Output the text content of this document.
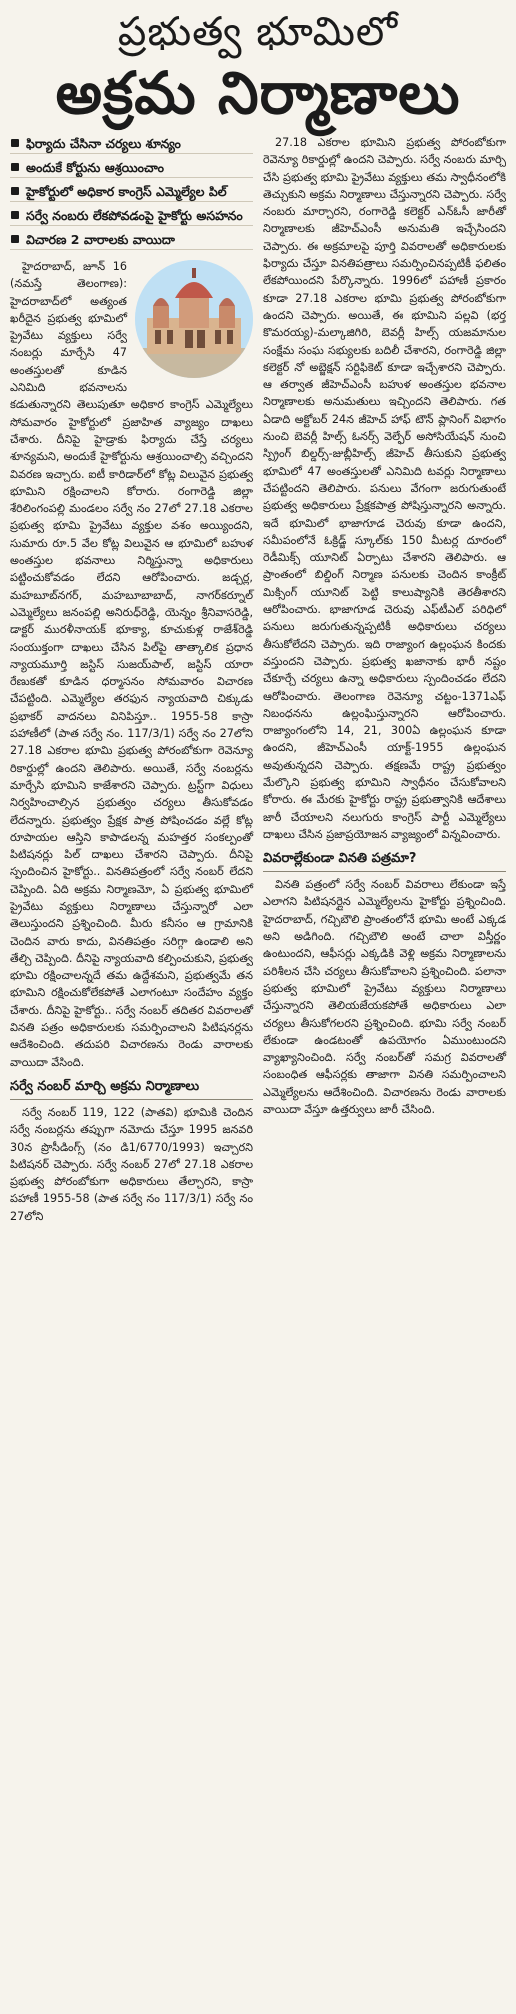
ప్రభుత్వ భూమిలో
అక్రమ నిర్మాణాలు
ఫిర్యాదు చేసినా చర్యలు శూన్యం
అందుకే కోర్టును ఆశ్రయించాం
హైకోర్టులో అధికార కాంగ్రెస్ ఎమ్మెల్యేల పిల్
సర్వే నంబరు లేకపోవడంపై హైకోర్టు అసహనం
విచారణ 2 వారాలకు వాయిదా

హైదరాబాద్, జూన్ 16 (నమస్తే తెలంగాణ): హైదరాబాద్‌లో అత్యంత ఖరీదైన ప్రభుత్వ భూమిలో ప్రైవేటు వ్యక్తులు సర్వే నంబర్లు మార్చేసి 47 అంతస్తులతో కూడిన ఎనిమిది భవనాలను కడుతున్నారని తెలుపుతూ అధికార కాంగ్రెస్ ఎమ్మెల్యేలు సోమవారం హైకోర్టులో ప్రజాహిత వ్యాజ్యం దాఖలు చేశారు. దీనిపై హైడ్రాకు ఫిర్యాదు చేస్తే చర్యలు శూన్యమని, అందుకే హైకోర్టును ఆశ్రయించాల్సి వచ్చిందని వివరణ ఇచ్చారు. ఐటీ కారిడార్‌లో కోట్ల విలువైన ప్రభుత్వ భూమిని రక్షించాలని కోరారు. రంగారెడ్డి జిల్లా శేరిలింగంపల్లి మండలం సర్వే నం 27లో 27.18 ఎకరాల ప్రభుత్వ భూమి ప్రైవేటు వ్యక్తుల వశం అయ్యిందని, సుమారు రూ.5 వేల కోట్ల విలువైన ఆ భూమిలో బహుళ అంతస్తుల భవనాలు నిర్మిస్తున్నా అధికారులు పట్టించుకోవడం లేదని ఆరోపించారు. జడ్చర్ల, మహబూబ్‌నగర్, మహబూబాబాద్, నాగర్‌కర్నూల్ ఎమ్మెల్యేలు జనంపల్లి అనిరుధ్‌రెడ్డి, యెన్నం శ్రీనివాసరెడ్డి, డాక్టర్ మురళీనాయక్ భూక్యా, కూచుకుళ్ల రాజేశ్‌రెడ్డి సంయుక్తంగా దాఖలు చేసిన పిల్‌పై తాత్కాలిక ప్రధాన న్యాయమూర్తి జస్టిస్ సుజయ్‌పాల్, జస్టిస్ యారా రేణుకతో కూడిన ధర్మాసనం సోమవారం విచారణ చేపట్టింది. ఎమ్మెల్యేల తరఫున న్యాయవాది చిక్కుడు ప్రభాకర్ వాదనలు వినిపిస్తూ.. 1955-58 కాస్రా పహాణీలో (పాత సర్వే నం. 117/3/1) సర్వే నం 27లోని 27.18 ఎకరాల భూమి ప్రభుత్వ పోరంబోకుగా రెవెన్యూ రికార్డుల్లో ఉందని తెలిపారు. అయితే, సర్వే నంబర్లను మార్చేసి భూమిని కాజేశారని చెప్పారు. ట్రస్ట్‌గా విధులు నిర్వహించాల్సిన ప్రభుత్వం చర్యలు తీసుకోవడం లేదన్నారు. ప్రభుత్వం ప్రేక్షక పాత్ర పోషించడం వల్లే కోట్ల రూపాయల ఆస్తిని కాపాడలన్న మహత్తర సంకల్పంతో పిటిషనర్లు పిల్ దాఖలు చేశారని చెప్పారు. దీనిపై స్పందించిన హైకోర్టు.. వినతిపత్రంలో సర్వే నంబర్ లేదని చెప్పింది. ఏది అక్రమ నిర్మాణమో, ఏ ప్రభుత్వ భూమిలో ప్రైవేటు వ్యక్తులు నిర్మాణాలు చేస్తున్నారో ఎలా తెలుస్తుందని ప్రశ్నించింది. మీరు కనీసం ఆ గ్రామానికి చెందిన వారు కాదు, వినతిపత్రం సరిగ్గా ఉండాలి అని తేల్చి చెప్పింది. దీనిపై న్యాయవాది కల్పించుకుని, ప్రభుత్వ భూమి రక్షించాలన్నదే తమ ఉద్దేశమని, ప్రభుత్వమే తన భూమిని రక్షించుకోలేకపోతే ఎలాగంటూ సందేహం వ్యక్తం చేశారు. దీనిపై హైకోర్టు.. సర్వే నంబర్ తదితర వివరాలతో వినతి పత్రం అధికారులకు సమర్పించాలని పిటిషనర్లను ఆదేశించింది. తదుపరి విచారణను రెండు వారాలకు వాయిదా వేసింది.

సర్వే నంబర్ మార్చి అక్రమ నిర్మాణాలు

సర్వే నంబర్ 119, 122 (పాతవి) భూమికి చెందిన సర్వే నంబర్లను తప్పుగా నమోదు చేస్తూ 1995 జనవరి 30న ప్రొసీడింగ్స్ (నం డి1/6770/1993) ఇచ్చారని పిటిషనర్ చెప్పారు. సర్వే నంబర్ 27లో 27.18 ఎకరాల ప్రభుత్వ పోరంబోకుగా అధికారులు తేల్చారని, కాస్రా పహాణీ 1955-58 (పాత సర్వే నం 117/3/1) సర్వే నం 27లోని

27.18 ఎకరాల భూమిని ప్రభుత్వ పోరంబోకుగా రెవెన్యూ రికార్డుల్లో ఉందని చెప్పారు. సర్వే నంబరు మార్చి చేసి ప్రభుత్వ భూమి ప్రైవేటు వ్యక్తులు తమ స్వాధీనంలోకి తెచ్చుకుని అక్రమ నిర్మాణాలు చేస్తున్నారని చెప్పారు. సర్వే నంబరు మార్చారని, రంగారెడ్డి కలెక్టర్ ఎన్‌ఓసీ జారీతో నిర్మాణాలకు జీహెచ్‌ఎంసీ అనుమతి ఇచ్చేసిందని చెప్పారు. ఈ అక్రమాలపై పూర్తి వివరాలతో అధికారులకు ఫిర్యాదు చేస్తూ వినతిపత్రాలు సమర్పించినప్పటికీ ఫలితం లేకపోయిందని పేర్కొన్నారు. 1996లో పహాణీ ప్రకారం కూడా 27.18 ఎకరాల భూమి ప్రభుత్వ పోరంబోకుగా ఉందని చెప్పారు. అయితే, ఈ భూమిని పల్లవి (భర్త కొమరయ్య)-మల్కాజిగిరి, బెవర్లీ హిల్స్ యజమానుల సంక్షేమ సంఘ సభ్యులకు బదిలీ చేశారని, రంగారెడ్డి జిల్లా కలెక్టర్ నో అబ్జెక్షన్ సర్టిఫికెట్ కూడా ఇచ్చేశారని చెప్పారు. ఆ తర్వాత జీహెచ్‌ఎంసీ బహుళ అంతస్తుల భవనాల నిర్మాణాలకు అనుమతులు ఇచ్చిందని తెలిపారు. గత ఏడాది అక్టోబర్ 24న జీహెచ్ హాఫ్ టౌన్‌ ప్లానింగ్‌ విభాగం నుంచి బెవర్లీ హిల్స్ ఓనర్స్ వెల్ఫేర్ అసోసియేషన్ నుంచి స్ప్రింగ్ బిల్డర్స్-జుబ్లీహిల్స్ జీహెచ్ తీసుకుని ప్రభుత్వ భూమిలో 47 అంతస్తులతో ఎనిమిది టవర్లు నిర్మాణాలు చేపట్టిందని తెలిపారు. పనులు వేగంగా జరుగుతుంటే ప్రభుత్వ అధికారులు ప్రేక్షకపాత్ర పోషిస్తున్నారని అన్నారు. ఇదే భూమిలో భాజాగూడ చెరువు కూడా ఉందని, సమీపంలోనే ఓక్రిడ్జ్ స్కూల్‌కు 150 మీటర్ల దూరంలో రెడీమిక్స్ యూనిట్ ఏర్పాటు చేశారని తెలిపారు. ఆ ప్రాంతంలో బిల్డింగ్ నిర్మాణ పనులకు చెందిన కాంక్రీట్ మిక్సింగ్ యూనిట్ పెట్టి కాలుష్యానికి తెరతీశారని ఆరోపించారు. భాజాగూడ చెరువు ఎఫ్‌టీఎల్ పరిధిలో పనులు జరుగుతున్నప్పటికీ అధికారులు చర్యలు తీసుకోలేదని చెప్పారు. ఇది రాజ్యాంగ ఉల్లంఘన కిందకు వస్తుందని చెప్పారు. ప్రభుత్వ ఖజానాకు భారీ నష్టం చేకూర్చే చర్యలు ఉన్నా అధికారులు స్పందించడం లేదని ఆరోపించారు. తెలంగాణ రెవెన్యూ చట్టం-1371ఎఫ్ నిబంధనను ఉల్లంఘిస్తున్నారని ఆరోపించారు. రాజ్యాంగంలోని 14, 21, 300ఏ ఉల్లంఘన కూడా ఉందని, జీహెచ్‌ఎంసీ యాక్ట్-1955 ఉల్లంఘన అవుతున్నదని చెప్పారు. తక్షణమే రాష్ట్ర ప్రభుత్వం మేల్కొని ప్రభుత్వ భూమిని స్వాధీనం చేసుకోవాలని కోరారు. ఈ మేరకు హైకోర్టు రాష్ట్ర ప్రభుత్వానికి ఆదేశాలు జారీ చేయాలని నలుగురు కాంగ్రెస్ పార్టీ ఎమ్మెల్యేలు దాఖలు చేసిన ప్రజాప్రయోజన వ్యాజ్యంలో విన్నవించారు.

వివరాల్లేకుండా వినతి పత్రమా?

వినతి పత్రంలో సర్వే నంబర్ వివరాలు లేకుండా ఇస్తే ఎలాగని పిటిషనర్లైన ఎమ్మెల్యేలను హైకోర్టు ప్రశ్నించింది. హైదరాబాద్, గచ్చిబౌలి ప్రాంతంలోనే భూమి అంటే ఎక్కడ అని అడిగింది. గచ్చిబౌలి అంటే చాలా విస్తీర్ణం ఉంటుందని, ఆఫీసర్లు ఎక్కడికి వెళ్లి అక్రమ నిర్మాణాలను పరిశీలన చేసి చర్యలు తీసుకోవాలని ప్రశ్నించింది. పలానా ప్రభుత్వ భూమిలో ప్రైవేటు వ్యక్తులు నిర్మాణాలు చేస్తున్నారని తెలియజేయకపోతే అధికారులు ఎలా చర్యలు తీసుకోగలరని ప్రశ్నించింది. భూమి సర్వే నంబర్ లేకుండా ఉండటంతో ఉపయోగం ఏముంటుందని వ్యాఖ్యానించింది. సర్వే నంబర్‌తో సమగ్ర వివరాలతో సంబంధిత ఆఫీసర్లకు తాజాగా వినతి సమర్పించాలని ఎమ్మెల్యేలను ఆదేశించింది. విచారణను రెండు వారాలకు వాయిదా వేస్తూ ఉత్తర్వులు జారీ చేసింది.
